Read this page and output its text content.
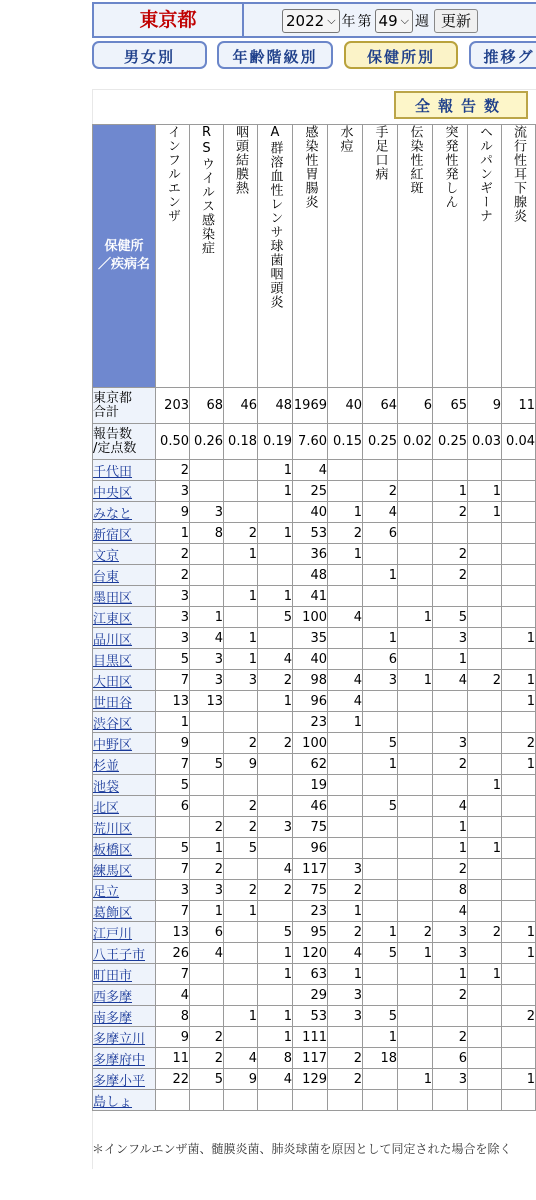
東京都	2022 ⌵ 年 第 49 ⌵ 週 更新
男女別	年齢階級別	保健所別	推移グ
全報告数
保健所
／疾病名	インフルエンザ	RSウイルス感染症	咽頭結膜熱	A群溶血性レンサ球菌咽頭炎	感染性胃腸炎	水痘	手足口病	伝染性紅斑	突発性発しん	ヘルパンギーナ	流行性耳下腺炎

東京都
合計	203	68	46	48	1969	40	64	6	65	9	11
報告数
/定点数	0.50	0.26	0.18	0.19	7.60	0.15	0.25	0.02	0.25	0.03	0.04
千代田	2			1	4						
中央区	3			1	25		2		1	1	
みなと	9	3			40	1	4		2	1	
新宿区	1	8	2	1	53	2	6				
文京	2		1		36	1			2		
台東	2				48		1		2		
墨田区	3		1	1	41						
江東区	3	1		5	100	4		1	5		
品川区	3	4	1		35		1		3		1
目黒区	5	3	1	4	40		6		1		
大田区	7	3	3	2	98	4	3	1	4	2	1
世田谷	13	13		1	96	4					1
渋谷区	1				23	1					
中野区	9		2	2	100		5		3		2
杉並	7	5	9		62		1		2		1
池袋	5				19					1	
北区	6		2		46		5		4		
荒川区		2	2	3	75				1		
板橋区	5	1	5		96				1	1	
練馬区	7	2		4	117	3			2		
足立	3	3	2	2	75	2			8		
葛飾区	7	1	1		23	1			4		
江戸川	13	6		5	95	2	1	2	3	2	1
八王子市	26	4		1	120	4	5	1	3		1
町田市	7			1	63	1			1	1	
西多摩	4				29	3			2		
南多摩	8		1	1	53	3	5				2
多摩立川	9	2		1	111		1		2		
多摩府中	11	2	4	8	117	2	18		6		
多摩小平	22	5	9	4	129	2		1	3		1
島しょ											
＊インフルエンザ菌、髄膜炎菌、肺炎球菌を原因として同定された場合を除く
